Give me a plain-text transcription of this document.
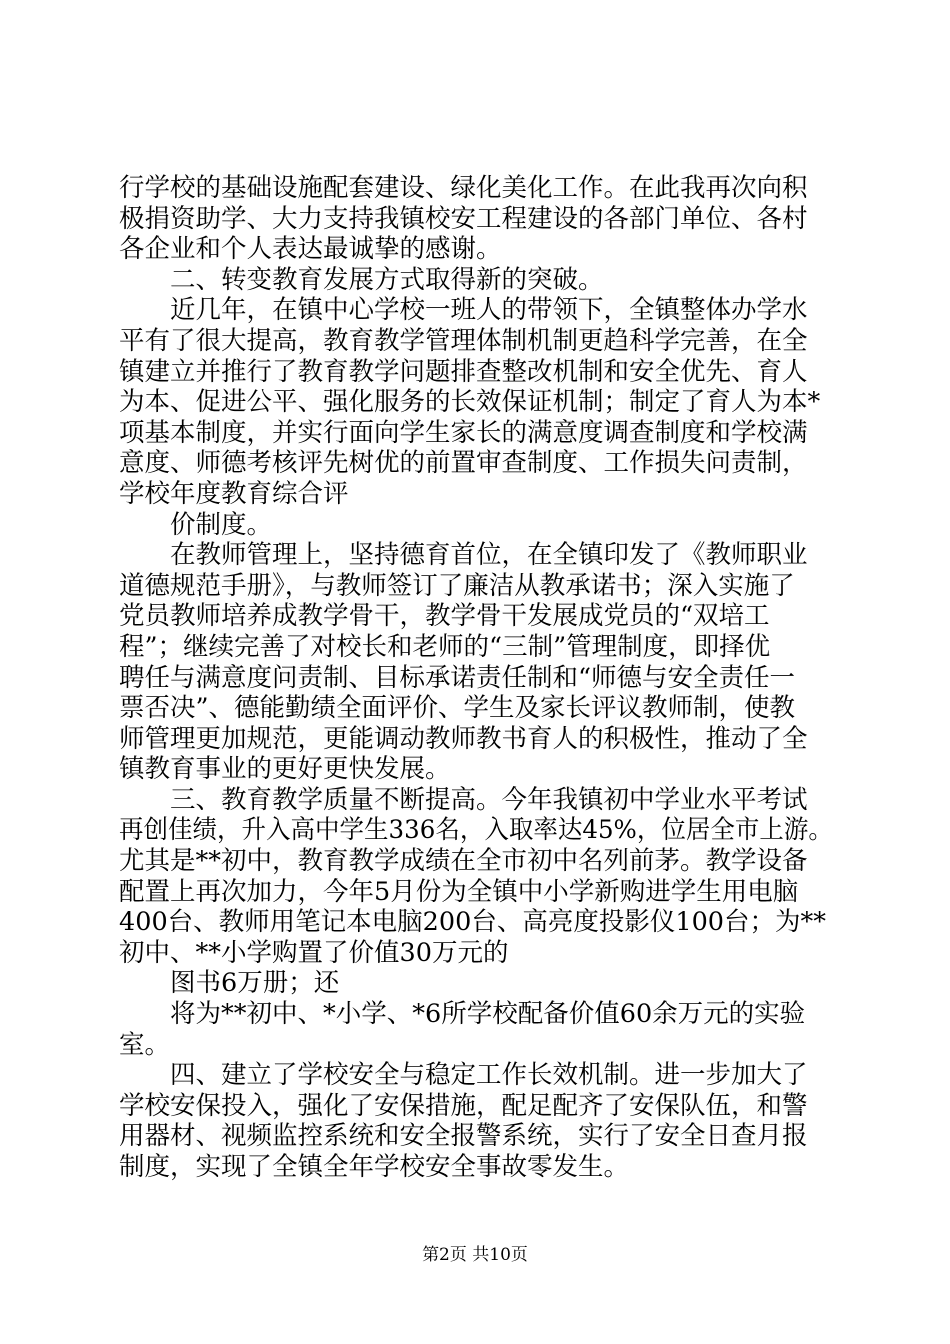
行学校的基础设施配套建设、绿化美化工作。在此我再次向积
极捐资助学、大力支持我镇校安工程建设的各部门单位、各村
各企业和个人表达最诚挚的感谢。
　　二、转变教育发展方式取得新的突破。
　　近几年，在镇中心学校一班人的带领下，全镇整体办学水
平有了很大提高，教育教学管理体制机制更趋科学完善，在全
镇建立并推行了教育教学问题排查整改机制和安全优先、育人
为本、促进公平、强化服务的长效保证机制；制定了育人为本*
项基本制度，并实行面向学生家长的满意度调查制度和学校满
意度、师德考核评先树优的前置审查制度、工作损失问责制，
学校年度教育综合评
　　价制度。
　　在教师管理上，坚持德育首位，在全镇印发了《教师职业
道德规范手册》，与教师签订了廉洁从教承诺书；深入实施了
党员教师培养成教学骨干，教学骨干发展成党员的“双培工
程”；继续完善了对校长和老师的“三制”管理制度，即择优
聘任与满意度问责制、目标承诺责任制和“师德与安全责任一
票否决”、德能勤绩全面评价、学生及家长评议教师制，使教
师管理更加规范，更能调动教师教书育人的积极性，推动了全
镇教育事业的更好更快发展。
　　三、教育教学质量不断提高。今年我镇初中学业水平考试
再创佳绩，升入高中学生336名，入取率达45%，位居全市上游。
尤其是**初中，教育教学成绩在全市初中名列前茅。教学设备
配置上再次加力，今年5月份为全镇中小学新购进学生用电脑
400台、教师用笔记本电脑200台、高亮度投影仪100台；为**
初中、**小学购置了价值30万元的
　　图书6万册；还
　　将为**初中、*小学、*6所学校配备价值60余万元的实验
室。
　　四、建立了学校安全与稳定工作长效机制。进一步加大了
学校安保投入，强化了安保措施，配足配齐了安保队伍，和警
用器材、视频监控系统和安全报警系统，实行了安全日查月报
制度，实现了全镇全年学校安全事故零发生。
第2页 共10页
